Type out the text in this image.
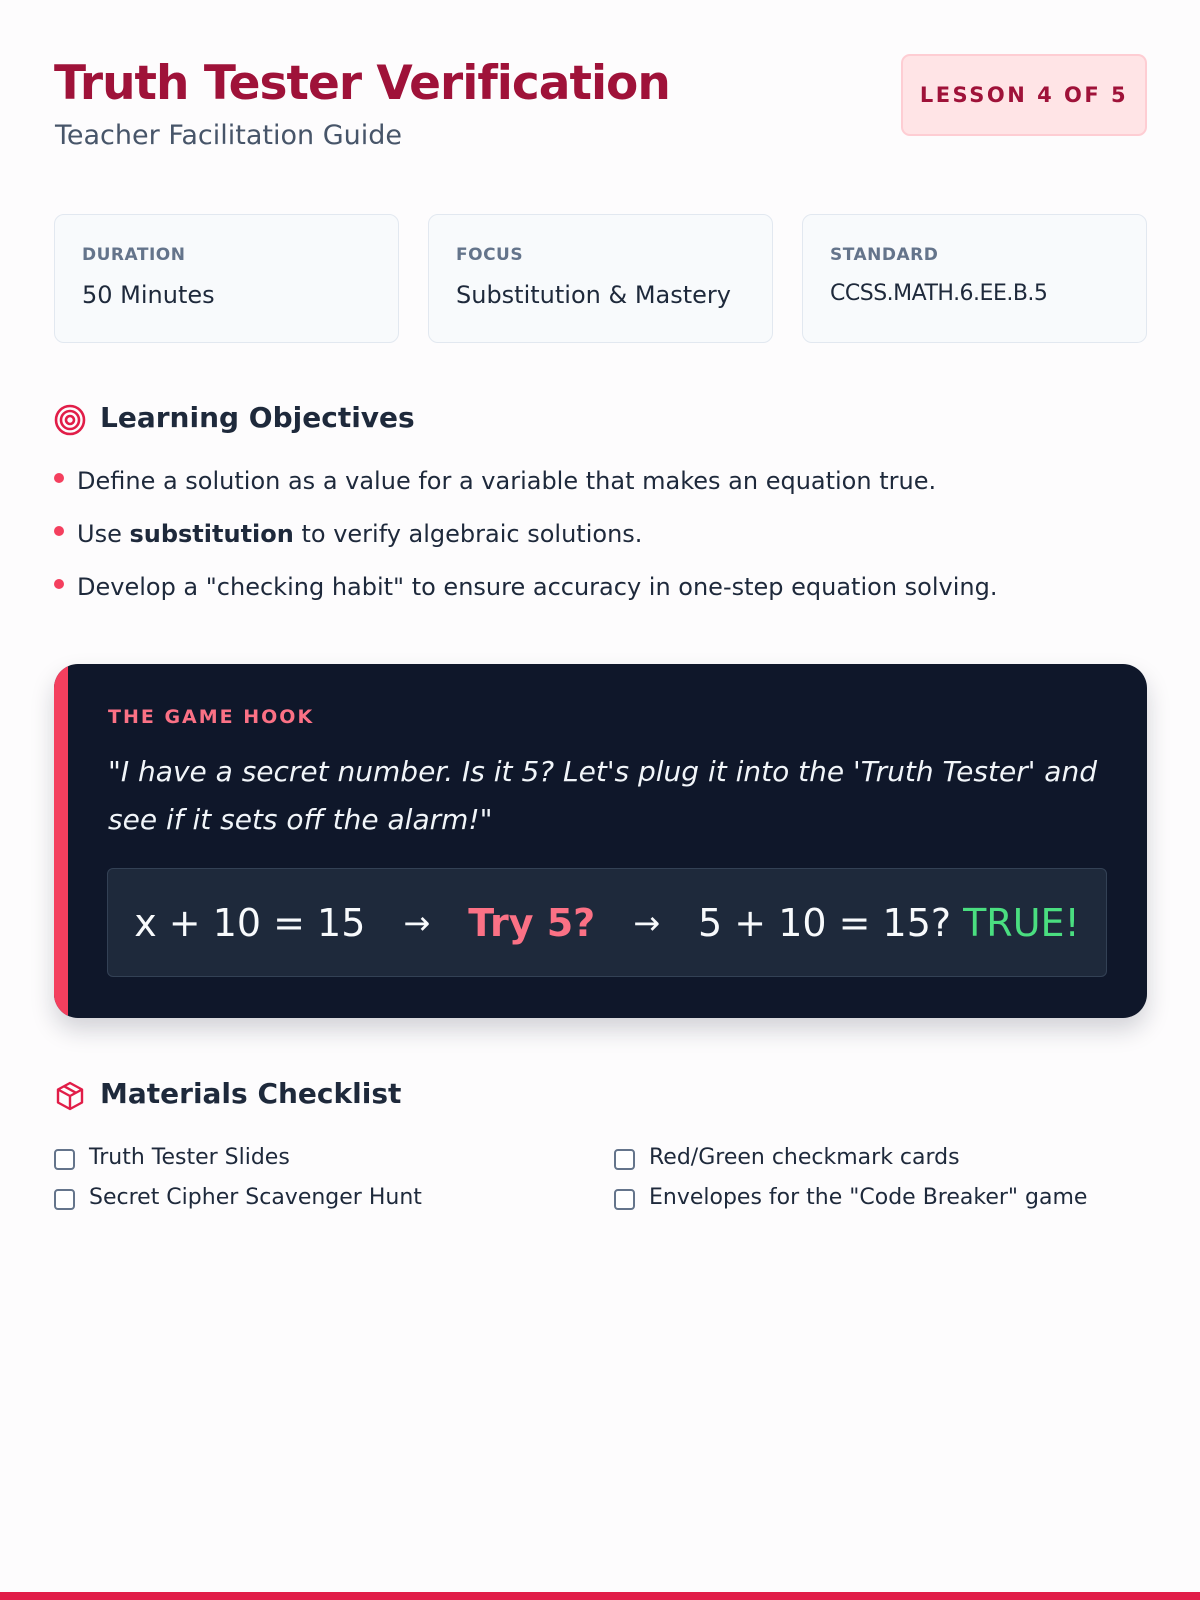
Truth Tester Verification
Teacher Facilitation Guide
LESSON 4 OF 5
DURATION
50 Minutes
FOCUS
Substitution & Mastery
STANDARD
CCSS.MATH.6.EE.B.5
Learning Objectives
Define a solution as a value for a variable that makes an equation true.
Use substitution to verify algebraic solutions.
Develop a "checking habit" to ensure accuracy in one-step equation solving.
THE GAME HOOK
"I have a secret number. Is it 5? Let's plug it into the 'Truth Tester' and see if it sets off the alarm!"
x + 10 = 15 → Try 5? → 5 + 10 = 15? TRUE!
Materials Checklist
Truth Tester Slides	Red/Green checkmark cards
Secret Cipher Scavenger Hunt	Envelopes for the "Code Breaker" game
